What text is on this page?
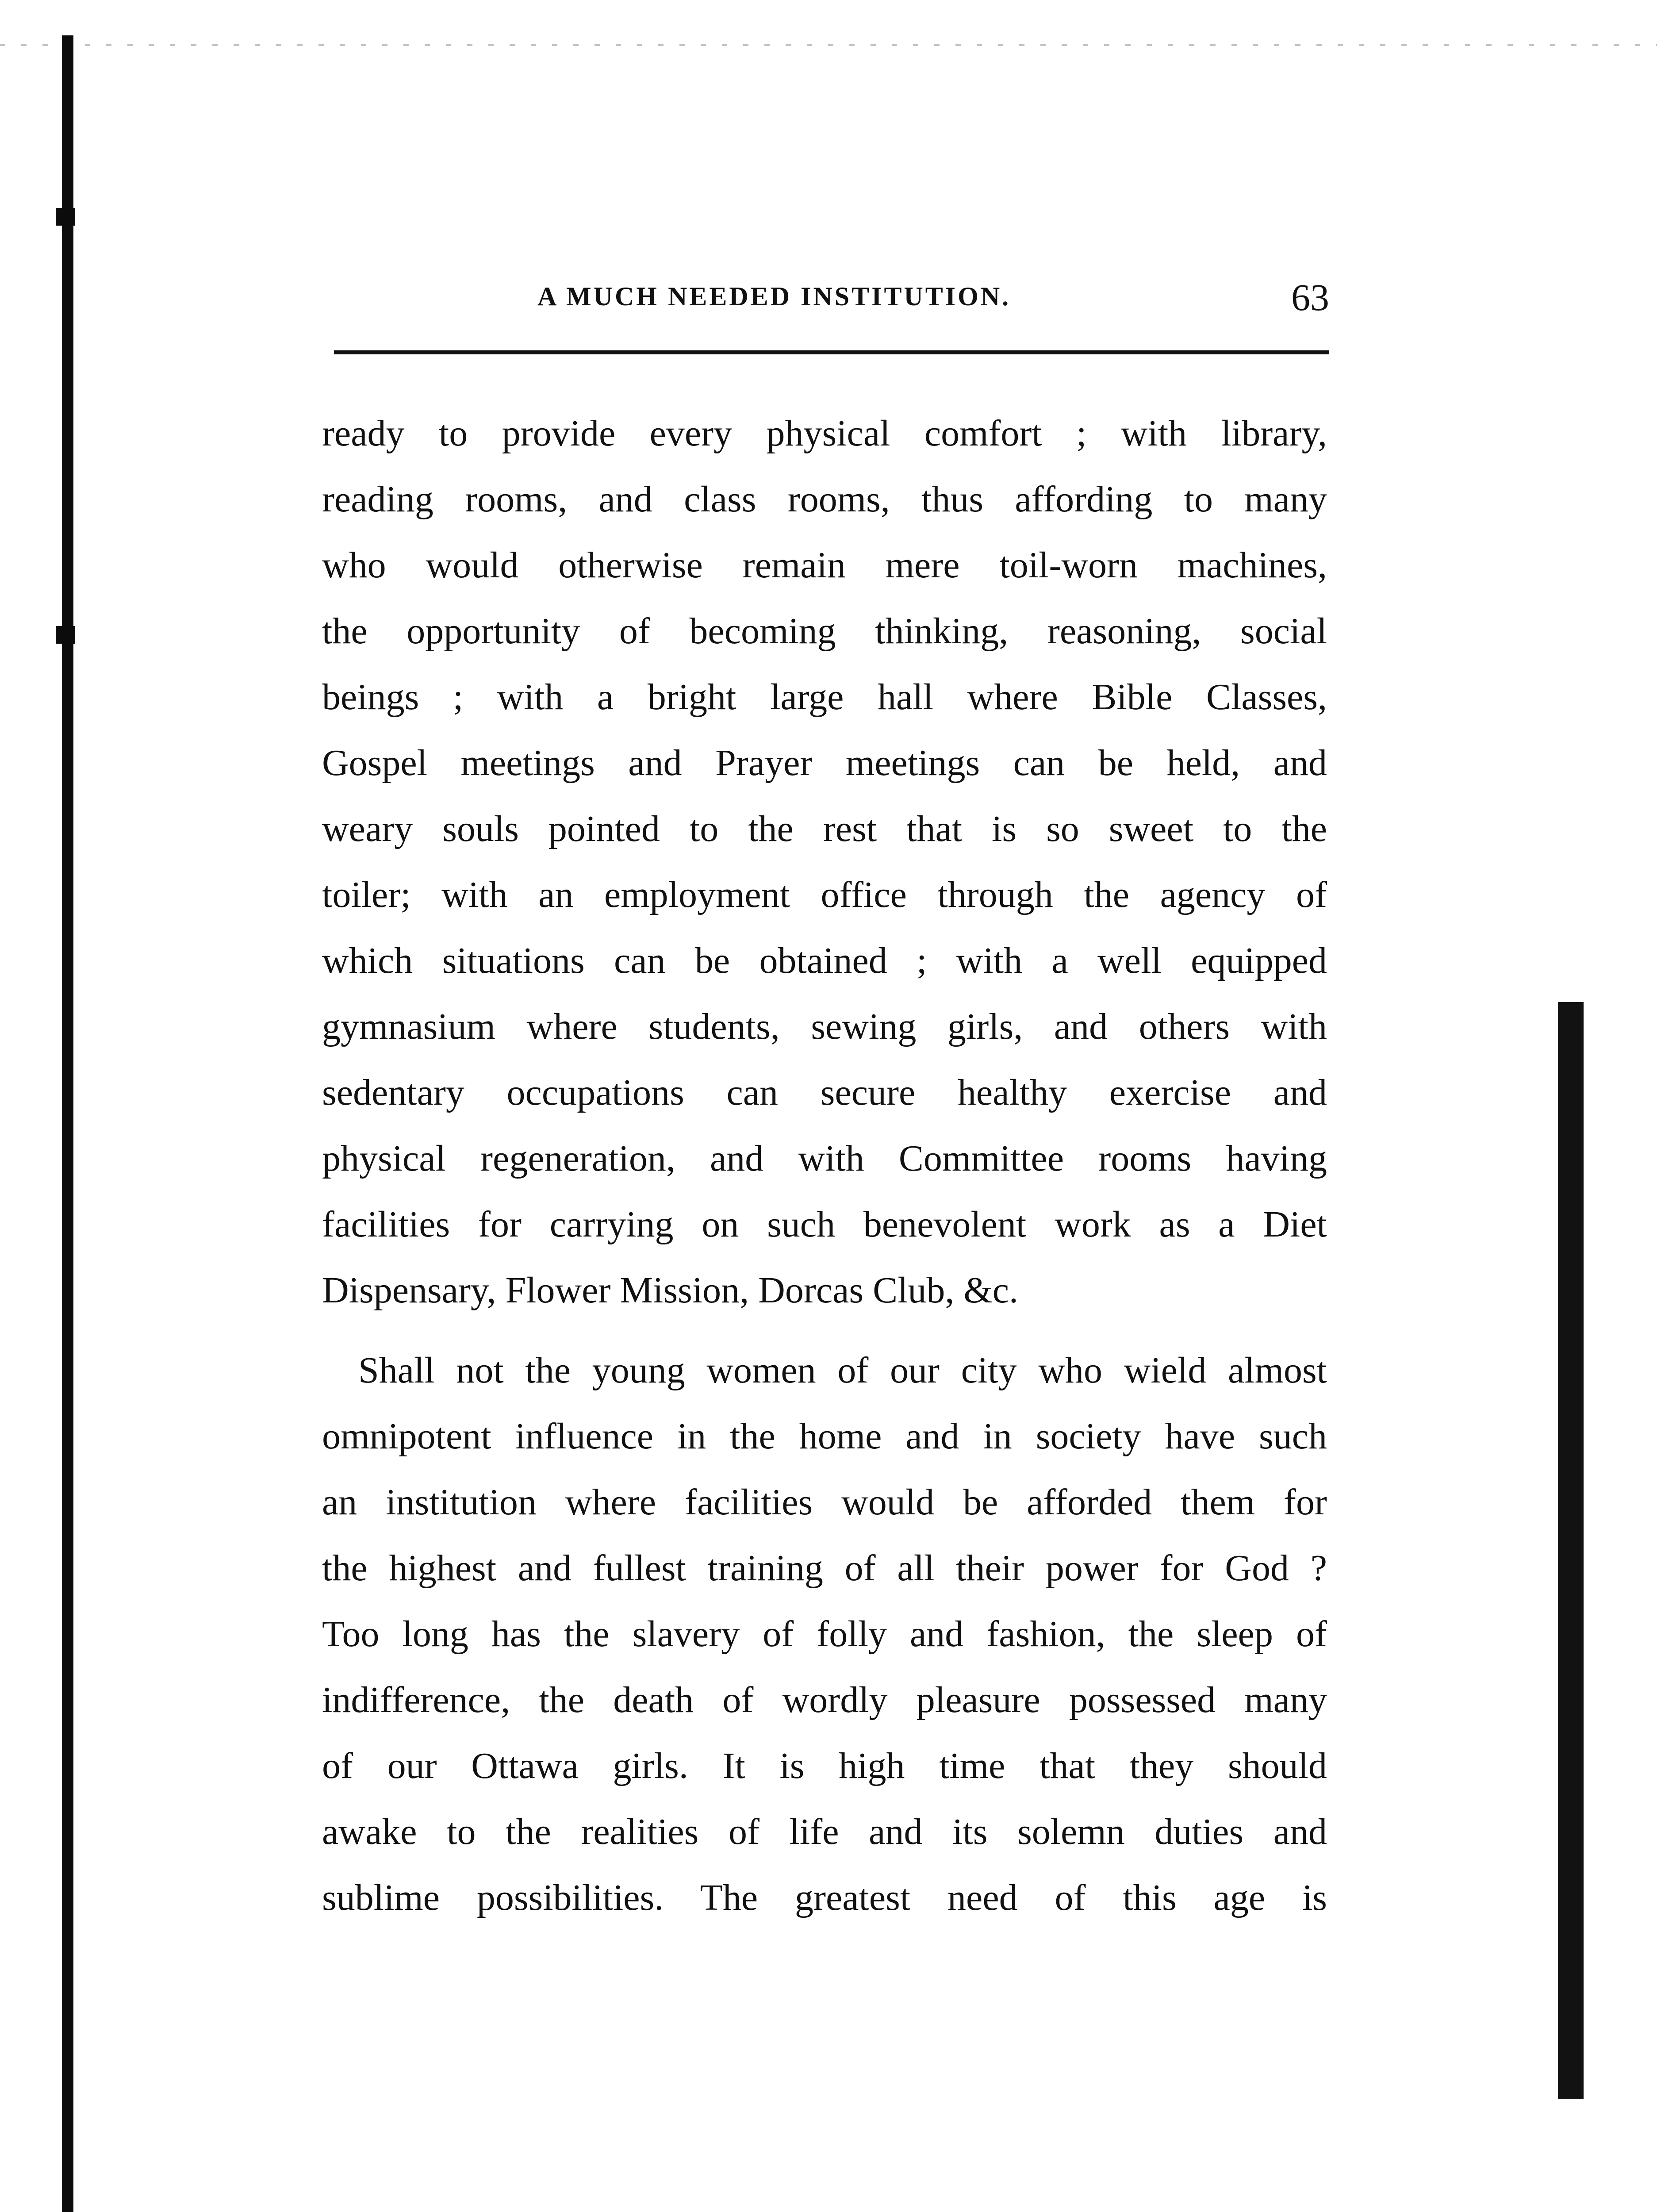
A MUCH NEEDED INSTITUTION.	63
ready to provide every physical comfort ; with library,
reading rooms, and class rooms, thus affording to many
who would otherwise remain mere toil-worn machines,
the opportunity of becoming thinking, reasoning, social
beings ; with a bright large hall where Bible Classes,
Gospel meetings and Prayer meetings can be held, and
weary souls pointed to the rest that is so sweet to the
toiler; with an employment office through the agency of
which situations can be obtained ; with a well equipped
gymnasium where students, sewing girls, and others with
sedentary occupations can secure healthy exercise and
physical regeneration, and with Committee rooms having
facilities for carrying on such benevolent work as a Diet
Dispensary, Flower Mission, Dorcas Club, &c.
Shall not the young women of our city who wield almost
omnipotent influence in the home and in society have such
an institution where facilities would be afforded them for
the highest and fullest training of all their power for God ?
Too long has the slavery of folly and fashion, the sleep of
indifference, the death of wordly pleasure possessed many
of our Ottawa girls. It is high time that they should
awake to the realities of life and its solemn duties and
sublime possibilities. The greatest need of this age is
